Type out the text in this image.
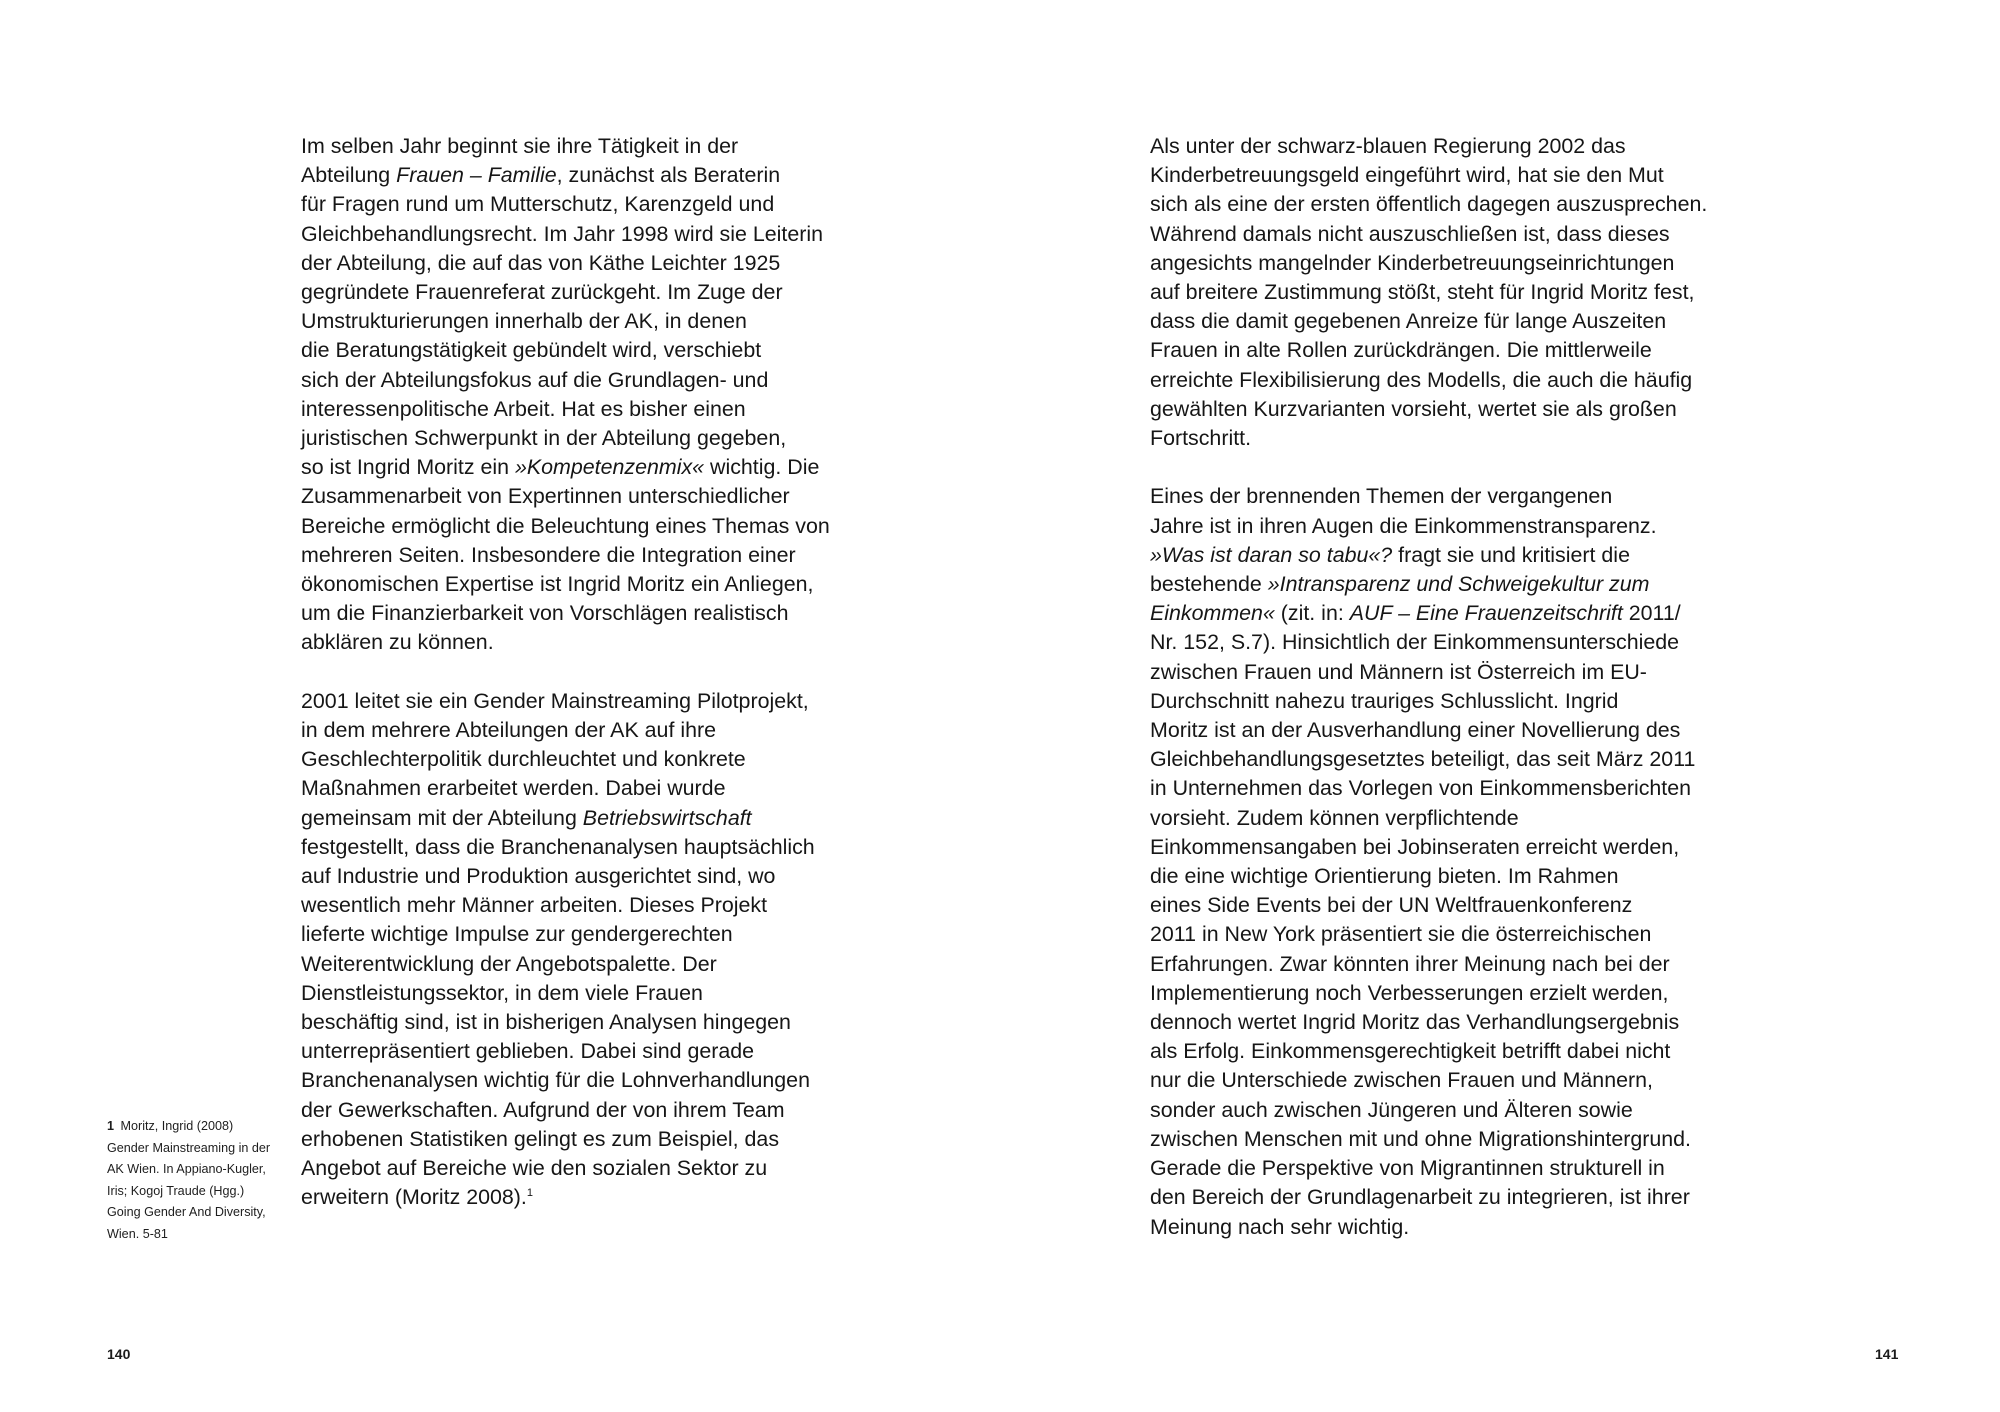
Im selben Jahr beginnt sie ihre Tätigkeit in der
Abteilung Frauen – Familie, zunächst als Beraterin
für Fragen rund um Mutterschutz, Karenzgeld und
Gleichbehandlungsrecht. Im Jahr 1998 wird sie Leiterin
der Abteilung, die auf das von Käthe Leichter 1925
gegründete Frauenreferat zurückgeht. Im Zuge der
Umstrukturierungen innerhalb der AK, in denen
die Beratungstätigkeit gebündelt wird, verschiebt
sich der Abteilungsfokus auf die Grundlagen- und
interessenpolitische Arbeit. Hat es bisher einen
juristischen Schwerpunkt in der Abteilung gegeben,
so ist Ingrid Moritz ein »Kompetenzenmix« wichtig. Die
Zusammenarbeit von Expertinnen unterschiedlicher
Bereiche ermöglicht die Beleuchtung eines Themas von
mehreren Seiten. Insbesondere die Integration einer
ökonomischen Expertise ist Ingrid Moritz ein Anliegen,
um die Finanzierbarkeit von Vorschlägen realistisch
abklären zu können.
2001 leitet sie ein Gender Mainstreaming Pilotprojekt,
in dem mehrere Abteilungen der AK auf ihre
Geschlechterpolitik durchleuchtet und konkrete
Maßnahmen erarbeitet werden. Dabei wurde
gemeinsam mit der Abteilung Betriebswirtschaft
festgestellt, dass die Branchenanalysen hauptsächlich
auf Industrie und Produktion ausgerichtet sind, wo
wesentlich mehr Männer arbeiten. Dieses Projekt
lieferte wichtige Impulse zur gendergerechten
Weiterentwicklung der Angebotspalette. Der
Dienstleistungssektor, in dem viele Frauen
beschäftig sind, ist in bisherigen Analysen hingegen
unterrepräsentiert geblieben. Dabei sind gerade
Branchenanalysen wichtig für die Lohnverhandlungen
der Gewerkschaften. Aufgrund der von ihrem Team
erhobenen Statistiken gelingt es zum Beispiel, das
Angebot auf Bereiche wie den sozialen Sektor zu
erweitern (Moritz 2008).$^1$
1 Moritz, Ingrid (2008)
Gender Mainstreaming in der
AK Wien. In Appiano-Kugler,
Iris; Kogoj Traude (Hgg.)
Going Gender And Diversity,
Wien. 5-81
Als unter der schwarz-blauen Regierung 2002 das
Kinderbetreuungsgeld eingeführt wird, hat sie den Mut
sich als eine der ersten öffentlich dagegen auszusprechen.
Während damals nicht auszuschließen ist, dass dieses
angesichts mangelnder Kinderbetreuungseinrichtungen
auf breitere Zustimmung stößt, steht für Ingrid Moritz fest,
dass die damit gegebenen Anreize für lange Auszeiten
Frauen in alte Rollen zurückdrängen. Die mittlerweile
erreichte Flexibilisierung des Modells, die auch die häufig
gewählten Kurzvarianten vorsieht, wertet sie als großen
Fortschritt.
Eines der brennenden Themen der vergangenen
Jahre ist in ihren Augen die Einkommenstransparenz.
»Was ist daran so tabu«? fragt sie und kritisiert die
bestehende »Intransparenz und Schweigekultur zum
Einkommen« (zit. in: AUF – Eine Frauenzeitschrift 2011/
Nr. 152, S.7). Hinsichtlich der Einkommensunterschiede
zwischen Frauen und Männern ist Österreich im EU-
Durchschnitt nahezu trauriges Schlusslicht. Ingrid
Moritz ist an der Ausverhandlung einer Novellierung des
Gleichbehandlungsgesetztes beteiligt, das seit März 2011
in Unternehmen das Vorlegen von Einkommensberichten
vorsieht. Zudem können verpflichtende
Einkommensangaben bei Jobinseraten erreicht werden,
die eine wichtige Orientierung bieten. Im Rahmen
eines Side Events bei der UN Weltfrauenkonferenz
2011 in New York präsentiert sie die österreichischen
Erfahrungen. Zwar könnten ihrer Meinung nach bei der
Implementierung noch Verbesserungen erzielt werden,
dennoch wertet Ingrid Moritz das Verhandlungsergebnis
als Erfolg. Einkommensgerechtigkeit betrifft dabei nicht
nur die Unterschiede zwischen Frauen und Männern,
sonder auch zwischen Jüngeren und Älteren sowie
zwischen Menschen mit und ohne Migrationshintergrund.
Gerade die Perspektive von Migrantinnen strukturell in
den Bereich der Grundlagenarbeit zu integrieren, ist ihrer
Meinung nach sehr wichtig.
140	141
